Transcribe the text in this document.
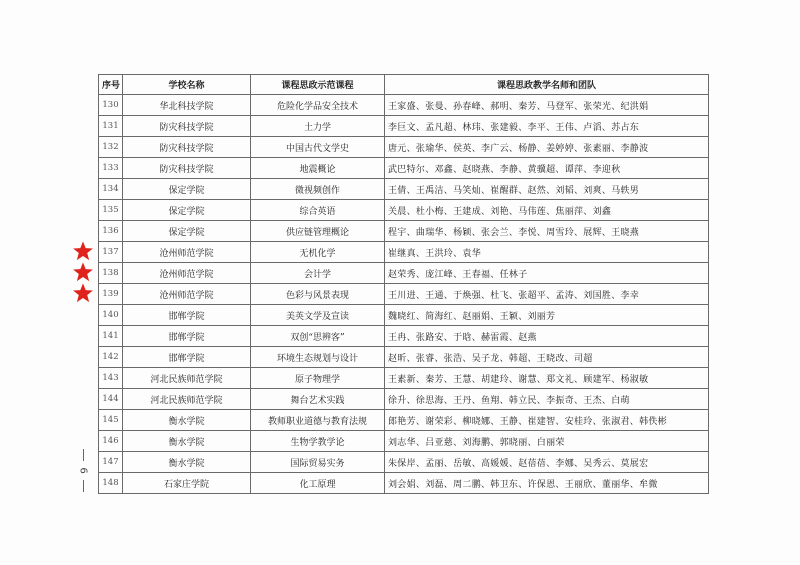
序号	学校名称	课程思政示范课程	课程思政教学名师和团队
130	华北科技学院	危险化学品安全技术	王家盛、张曼、孙春峰、郝明、秦芳、马登军、张荣光、纪洪娟
131	防灾科技学院	土力学	李巨文、孟凡超、林玮、张建毅、李平、王伟、卢滔、苏占东
132	防灾科技学院	中国古代文学史	唐元、张瑜华、侯英、李广云、杨静、姜婷婷、张素丽、李静波
133	防灾科技学院	地震概论	武巴特尔、邓鑫、赵晓燕、李静、黄骥超、谭萍、李迎秋
134	保定学院	微视频创作	王倩、王禹洁、马笑灿、崔醒群、赵然、刘韬、刘爽、马轶男
135	保定学院	综合英语	关晨、杜小梅、王建成、刘艳、马伟莲、焦丽萍、刘鑫
136	保定学院	供应链管理概论	程宇、曲瑞华、杨颖、张会兰、李悦、周雪玲、展辉、王晓燕
137	沧州师范学院	无机化学	崔继真、王洪玲、袁华
138	沧州师范学院	会计学	赵荣秀、庞江峰、王春福、任林子
139	沧州师范学院	色彩与风景表现	王川进、王通、于焕强、杜飞、张超平、孟涛、刘国胜、李幸
140	邯郸学院	美英文学及宣读	魏晓红、简海红、赵丽娟、王颖、刘丽芳
141	邯郸学院	双创“思辨客”	王冉、张路安、于晗、赫雷霞、赵燕
142	邯郸学院	环境生态规划与设计	赵昕、张睿、张浩、吴子龙、韩超、王晓改、司超
143	河北民族师范学院	原子物理学	王素新、秦芳、王慧、胡建玲、谢慧、郑文礼、顾建军、杨淑敏
144	河北民族师范学院	舞台艺术实践	徐升、徐思海、王丹、鱼翔、韩立民、李振奇、王杰、白萌
145	衡水学院	教师职业道德与教育法规	郎艳芳、谢荣彩、柳晓娜、王静、崔建智、安桂玲、张淑君、韩佚彬
146	衡水学院	生物学教学论	刘志华、吕亚慈、刘海鹏、郭晓丽、白丽荣
147	衡水学院	国际贸易实务	朱保岸、孟丽、岳敏、高媛媛、赵蓓蓓、李娜、吴秀云、莫展宏
148	石家庄学院	化工原理	刘会娟、刘磊、周二鹏、韩卫东、许保恩、王丽欣、董丽华、牟微
6
